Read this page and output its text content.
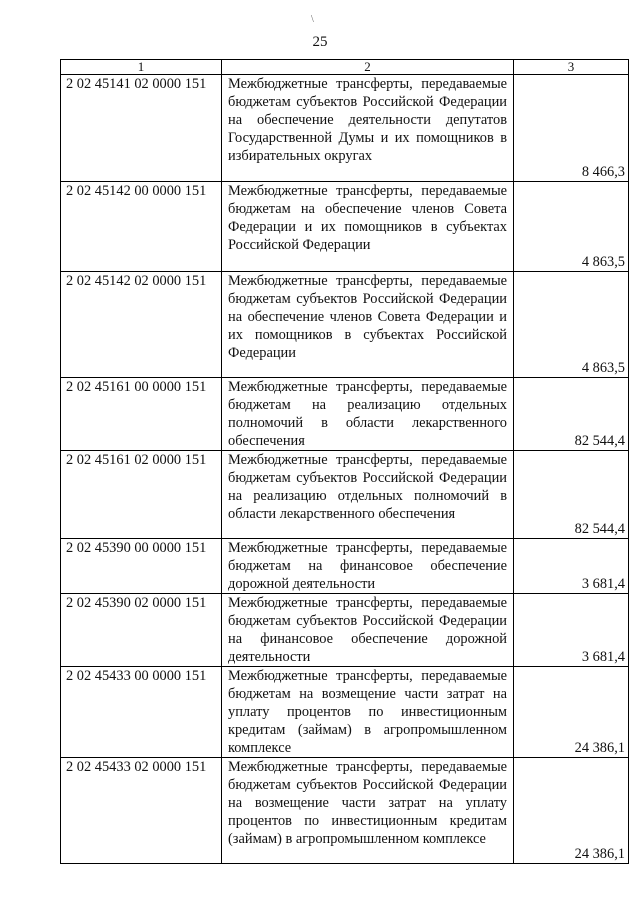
\
25
1	2	3
2 02 45141 02 0000 151	Межбюджетные трансферты, передаваемые бюджетам субъектов Российской Федерации на обеспечение деятельности депутатов Государственной Думы и их помощников в избирательных округах	8 466,3
2 02 45142 00 0000 151	Межбюджетные трансферты, передаваемые бюджетам на обеспечение членов Совета Федерации и их помощников в субъектах Российской Федерации	4 863,5
2 02 45142 02 0000 151	Межбюджетные трансферты, передаваемые бюджетам субъектов Российской Федерации на обеспечение членов Совета Федерации и их помощников в субъектах Российской Федерации	4 863,5
2 02 45161 00 0000 151	Межбюджетные трансферты, передаваемые бюджетам на реализацию отдельных полномочий в области лекарственного обеспечения	82 544,4
2 02 45161 02 0000 151	Межбюджетные трансферты, передаваемые бюджетам субъектов Российской Федерации на реализацию отдельных полномочий в области лекарственного обеспечения	82 544,4
2 02 45390 00 0000 151	Межбюджетные трансферты, передаваемые бюджетам на финансовое обеспечение дорожной деятельности	3 681,4
2 02 45390 02 0000 151	Межбюджетные трансферты, передаваемые бюджетам субъектов Российской Федерации на финансовое обеспечение дорожной деятельности	3 681,4
2 02 45433 00 0000 151	Межбюджетные трансферты, передаваемые бюджетам на возмещение части затрат на уплату процентов по инвестиционным кредитам (займам) в агропромышленном комплексе	24 386,1
2 02 45433 02 0000 151	Межбюджетные трансферты, передаваемые бюджетам субъектов Российской Федерации на возмещение части затрат на уплату процентов по инвестиционным кредитам (займам) в агропромышленном комплексе	24 386,1
